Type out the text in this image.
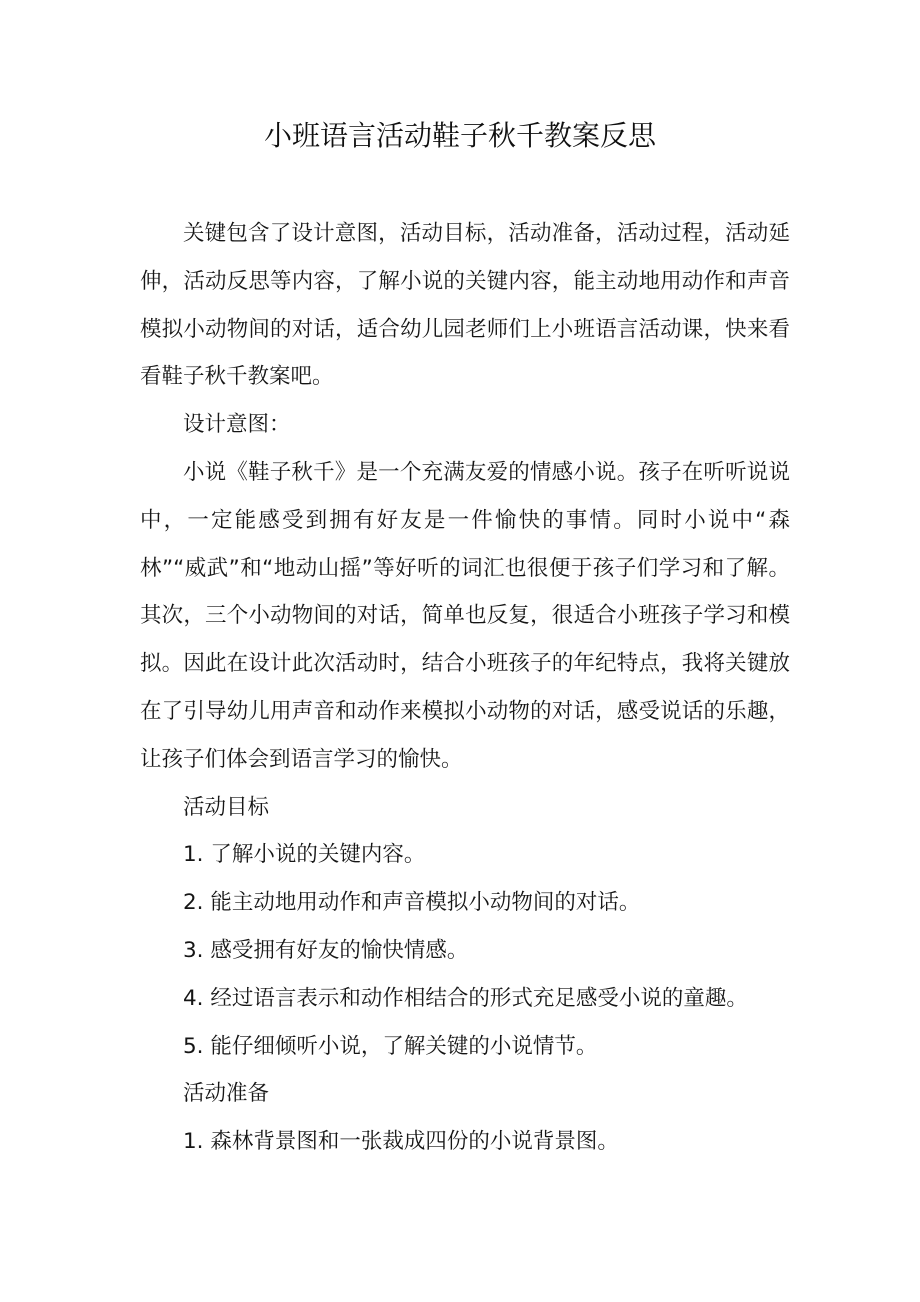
小班语言活动鞋子秋千教案反思

关键包含了设计意图，活动目标，活动准备，活动过程，活动延伸，活动反思等内容，了解小说的关键内容，能主动地用动作和声音模拟小动物间的对话，适合幼儿园老师们上小班语言活动课，快来看看鞋子秋千教案吧。

设计意图：

小说《鞋子秋千》是一个充满友爱的情感小说。孩子在听听说说中，一定能感受到拥有好友是一件愉快的事情。同时小说中“森林”“威武”和“地动山摇”等好听的词汇也很便于孩子们学习和了解。其次，三个小动物间的对话，简单也反复，很适合小班孩子学习和模拟。因此在设计此次活动时，结合小班孩子的年纪特点，我将关键放在了引导幼儿用声音和动作来模拟小动物的对话，感受说话的乐趣，让孩子们体会到语言学习的愉快。

活动目标

1. 了解小说的关键内容。

2. 能主动地用动作和声音模拟小动物间的对话。

3. 感受拥有好友的愉快情感。

4. 经过语言表示和动作相结合的形式充足感受小说的童趣。

5. 能仔细倾听小说，了解关键的小说情节。

活动准备

1. 森林背景图和一张裁成四份的小说背景图。
